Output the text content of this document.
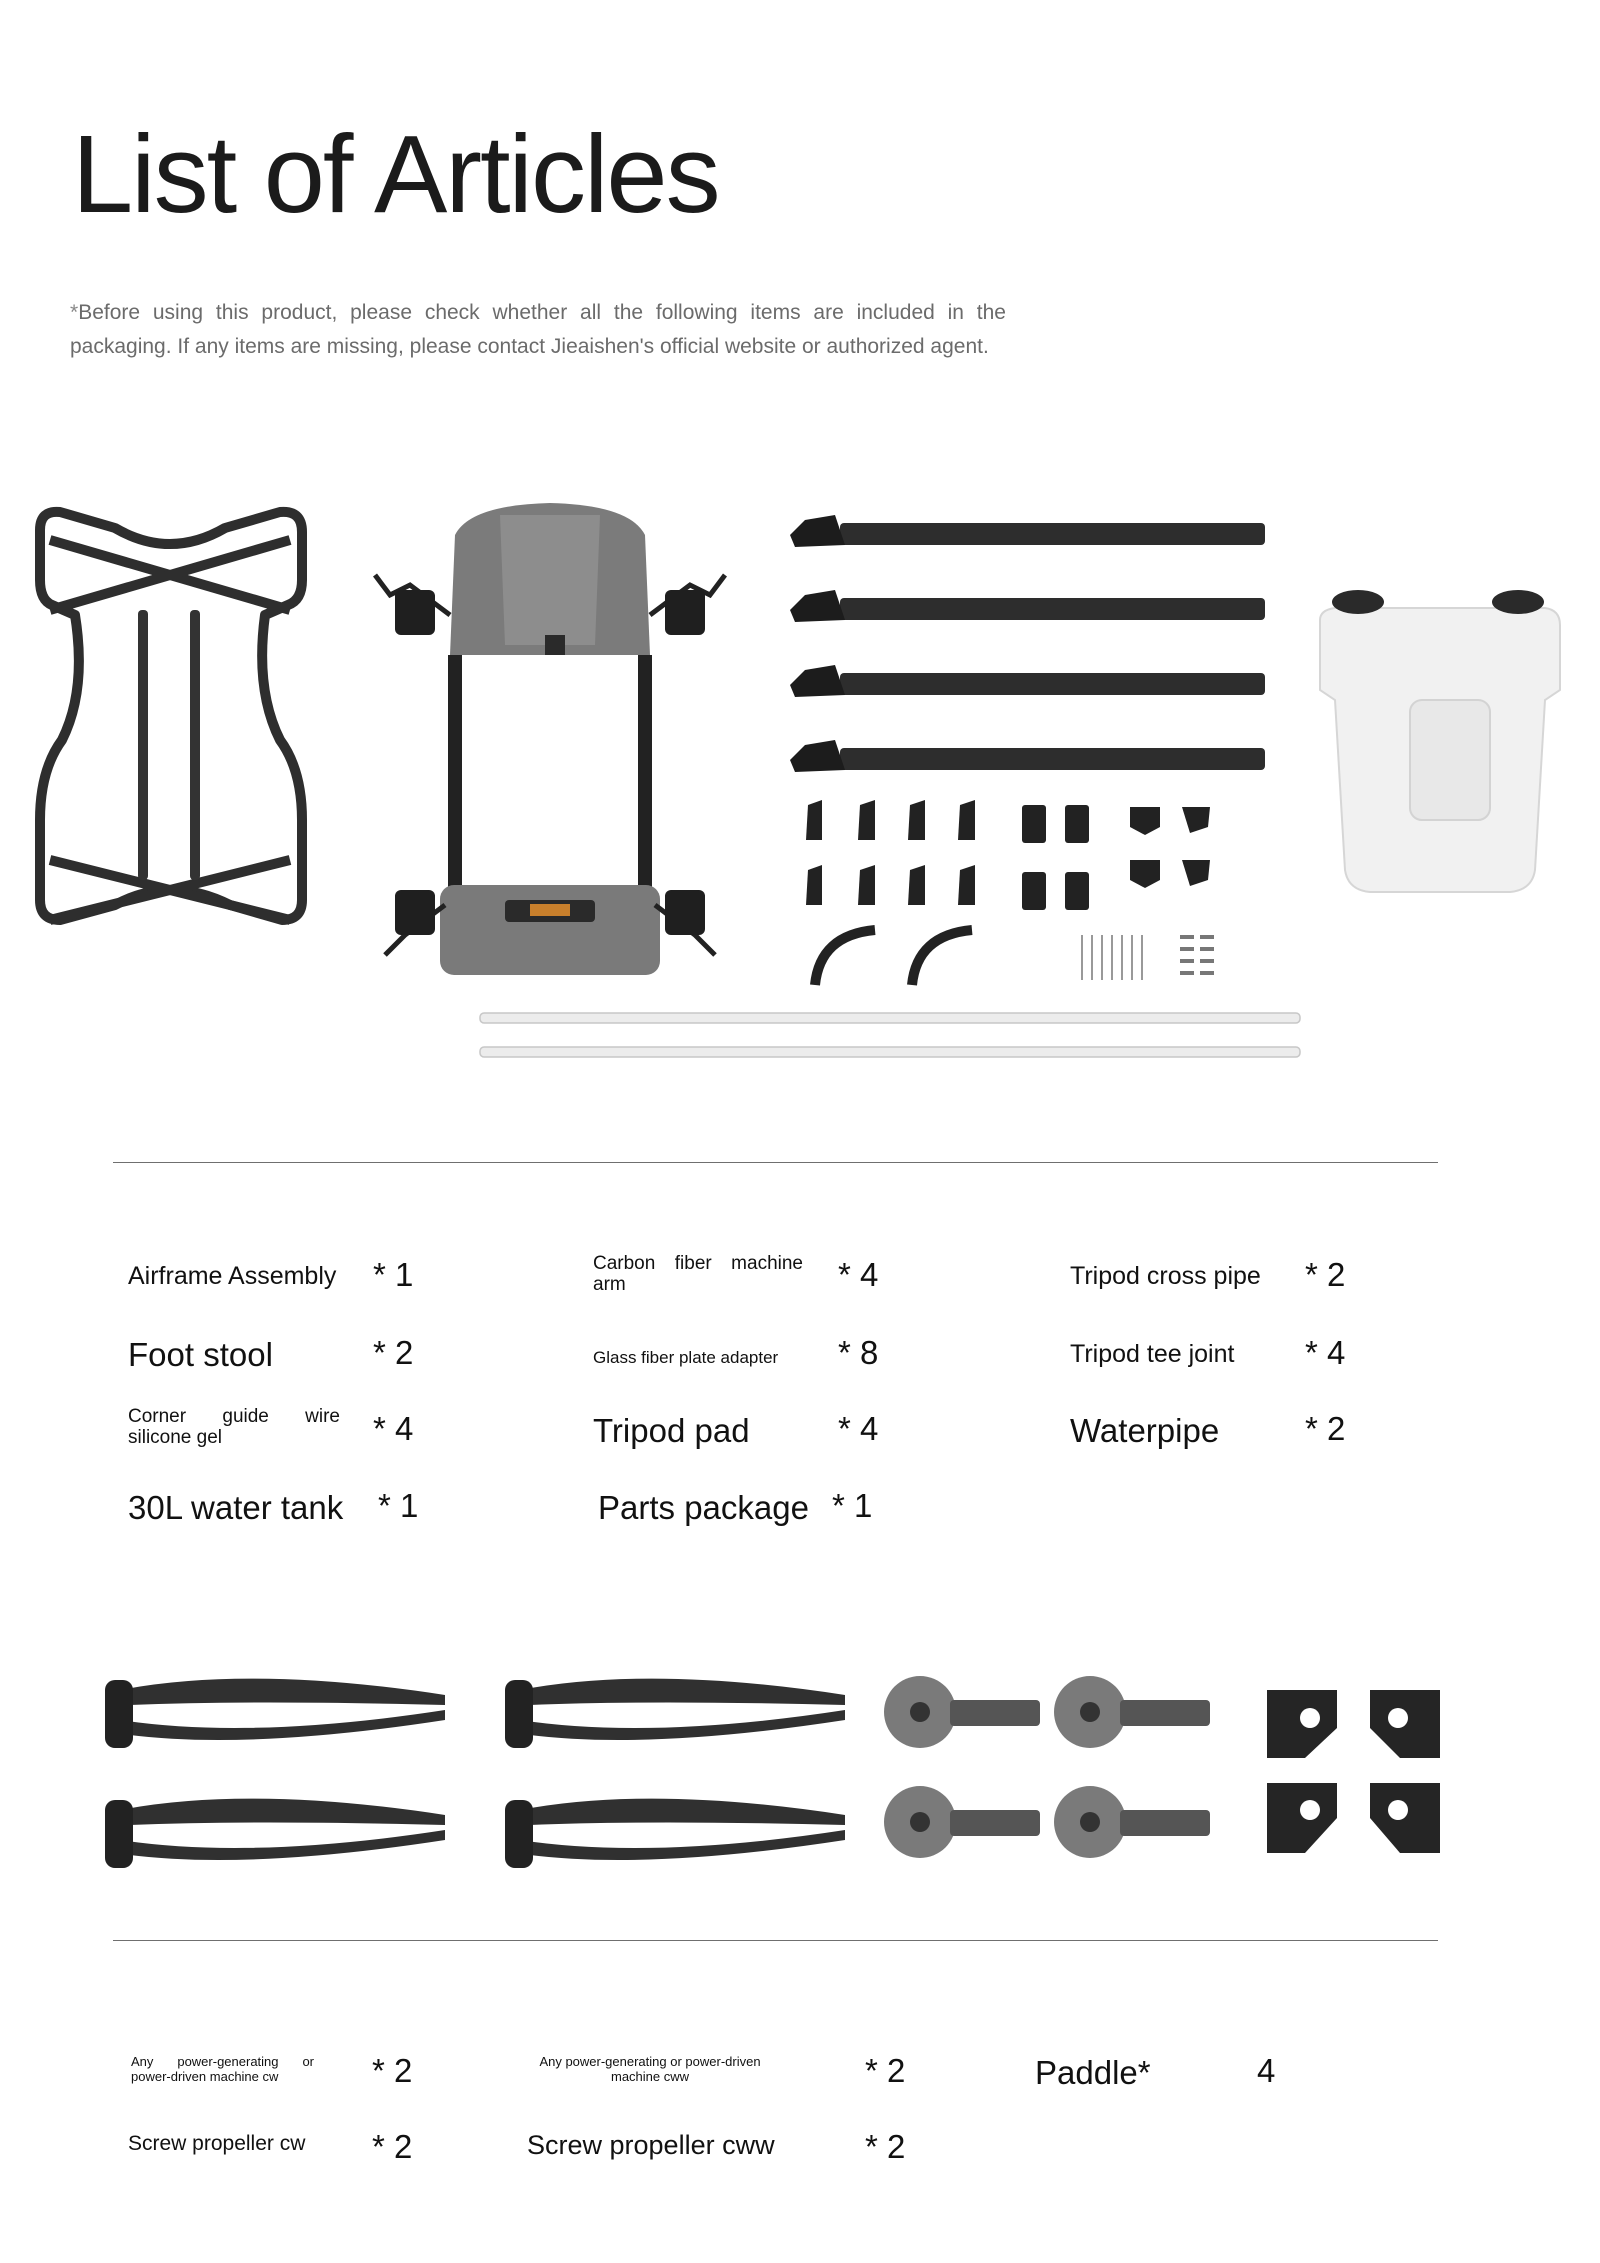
List of Articles
*Before using this product, please check whether all the following items are included in the packaging. If any items are missing, please contact Jieaishen's official website or authorized agent.
Airframe Assembly * 1	Carbon fiber machine arm	* 4	Tripod cross pipe * 2
Foot stool	* 2	Glass fiber plate adapter * 8	Tripod tee joint * 4
Corner guide wire silicone gel	* 4	Tripod pad	* 4	Waterpipe	* 2
30L water tank * 1	Parts package * 1
Any power-generating or power-driven machine cw	* 2	Any power-generating or power-driven machine cww	* 2	Paddle*	4
Screw propeller cw * 2	Screw propeller cww	* 2
